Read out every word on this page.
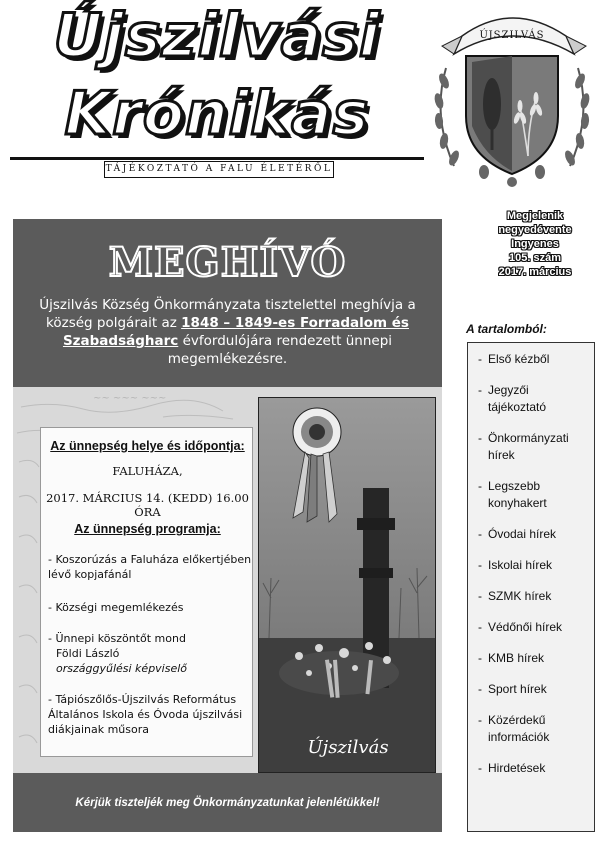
Újszilvási
Krónikás
TÁJÉKOZTATÓ A FALU ÉLETÉRŐL
ÚJSZILVÁS
Megjelenik
negyedévente
Ingyenes
105. szám
2017. március
A tartalomból:
- Első kézből
- Jegyzői tájékoztató
- Önkormányzati hírek
- Legszebb konyhakert
- Óvodai hírek
- Iskolai hírek
- SZMK hírek
- Védőnői hírek
- KMB hírek
- Sport hírek
- Közérdekű információk
- Hirdetések
MEGHÍVÓ
Újszilvás Község Önkormányzata tisztelettel meghívja a község polgárait az 1848 – 1849-es Forradalom és Szabadságharc évfordulójára rendezett ünnepi megemlékezésre.
~~ ~~~ ~~~
Az ünnepség helye és időpontja:
FALUHÁZA,
2017. MÁRCIUS 14. (KEDD) 16.00 ÓRA
Az ünnepség programja:
- Koszorúzás a Faluháza előkertjében lévő kopjafánál
- Községi megemlékezés
- Ünnepi köszöntőt mond
Földi László
országgyűlési képviselő
- Tápiószőlős-Újszilvás Református Általános Iskola és Óvoda újszilvási diákjainak műsora
Újszilvás
Kérjük tiszteljék meg Önkormányzatunkat jelenlétükkel!
